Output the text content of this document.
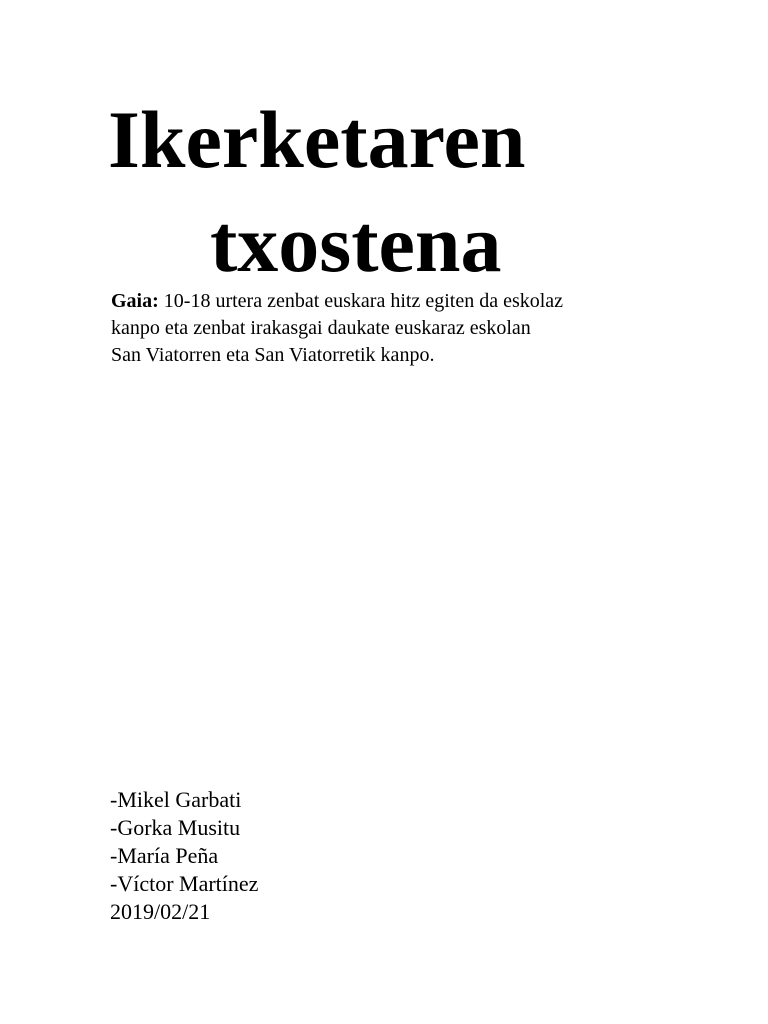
Ikerketaren
txostena

Gaia: 10-18 urtera zenbat euskara hitz egiten da eskolaz
kanpo eta zenbat irakasgai daukate euskaraz eskolan
San Viatorren eta San Viatorretik kanpo.

-Mikel Garbati
-Gorka Musitu
-María Peña
-Víctor Martínez
2019/02/21
